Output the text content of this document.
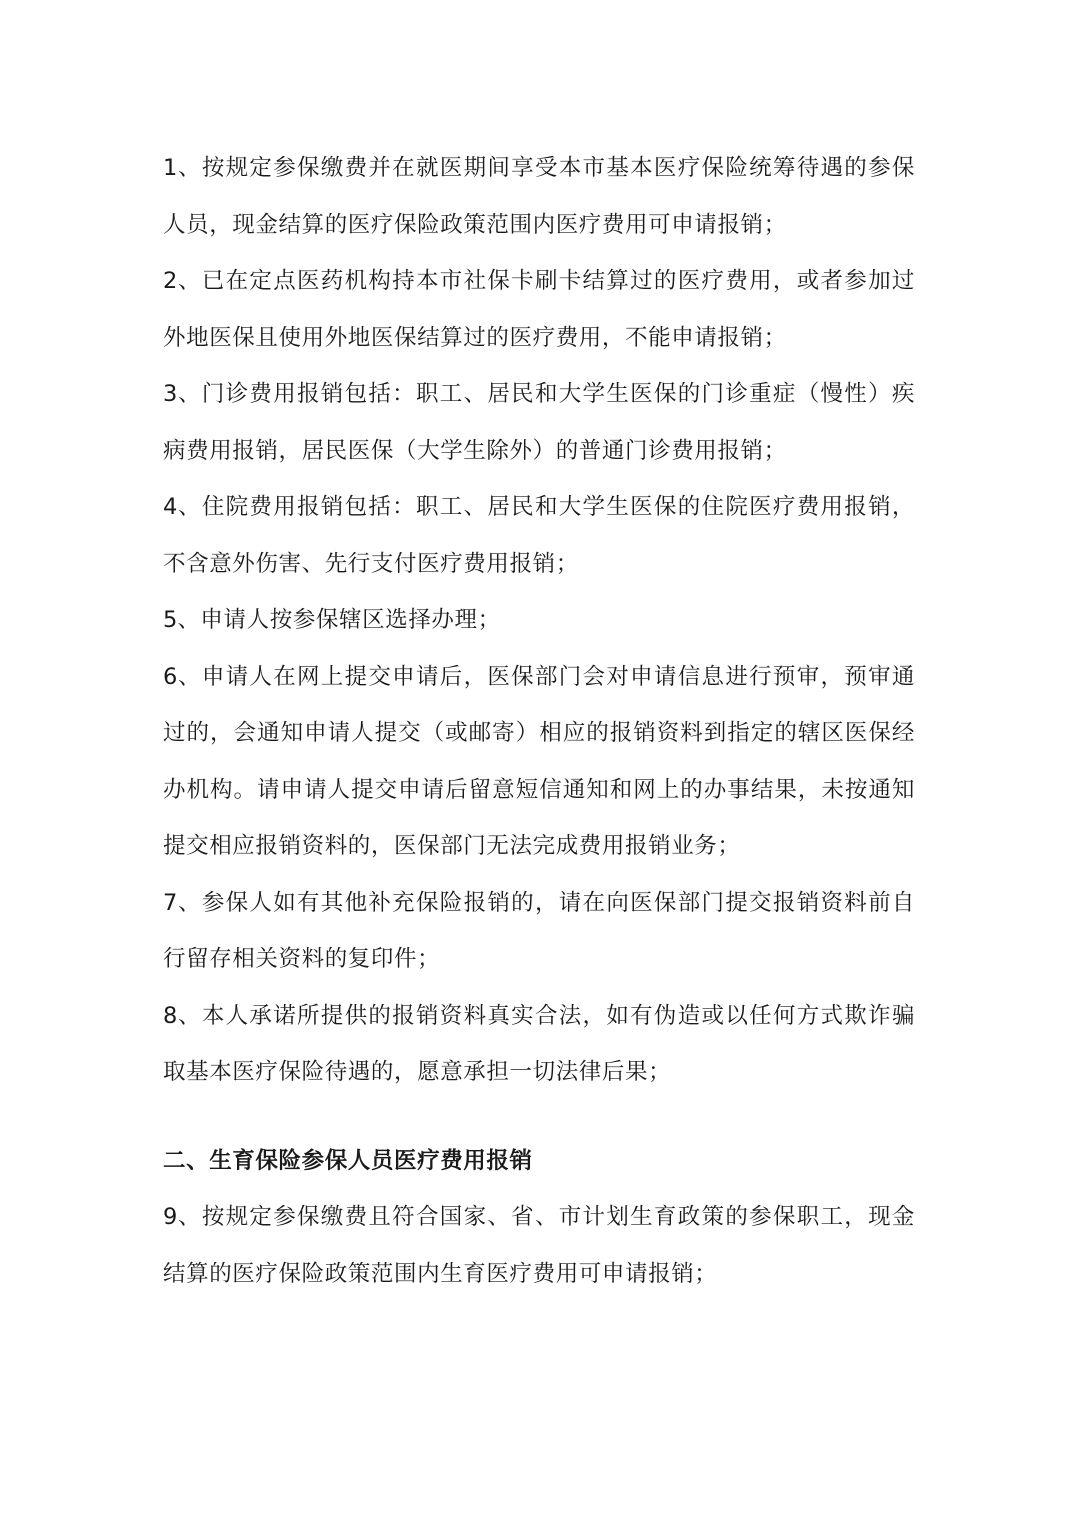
1、按规定参保缴费并在就医期间享受本市基本医疗保险统筹待遇的参保人员，现金结算的医疗保险政策范围内医疗费用可申请报销；

2、已在定点医药机构持本市社保卡刷卡结算过的医疗费用，或者参加过外地医保且使用外地医保结算过的医疗费用，不能申请报销；

3、门诊费用报销包括：职工、居民和大学生医保的门诊重症（慢性）疾病费用报销，居民医保（大学生除外）的普通门诊费用报销；

4、住院费用报销包括：职工、居民和大学生医保的住院医疗费用报销，不含意外伤害、先行支付医疗费用报销；

5、申请人按参保辖区选择办理；

6、申请人在网上提交申请后，医保部门会对申请信息进行预审，预审通过的，会通知申请人提交（或邮寄）相应的报销资料到指定的辖区医保经办机构。请申请人提交申请后留意短信通知和网上的办事结果，未按通知提交相应报销资料的，医保部门无法完成费用报销业务；

7、参保人如有其他补充保险报销的，请在向医保部门提交报销资料前自行留存相关资料的复印件；

8、本人承诺所提供的报销资料真实合法，如有伪造或以任何方式欺诈骗取基本医疗保险待遇的，愿意承担一切法律后果；

二、生育保险参保人员医疗费用报销

9、按规定参保缴费且符合国家、省、市计划生育政策的参保职工，现金结算的医疗保险政策范围内生育医疗费用可申请报销；
